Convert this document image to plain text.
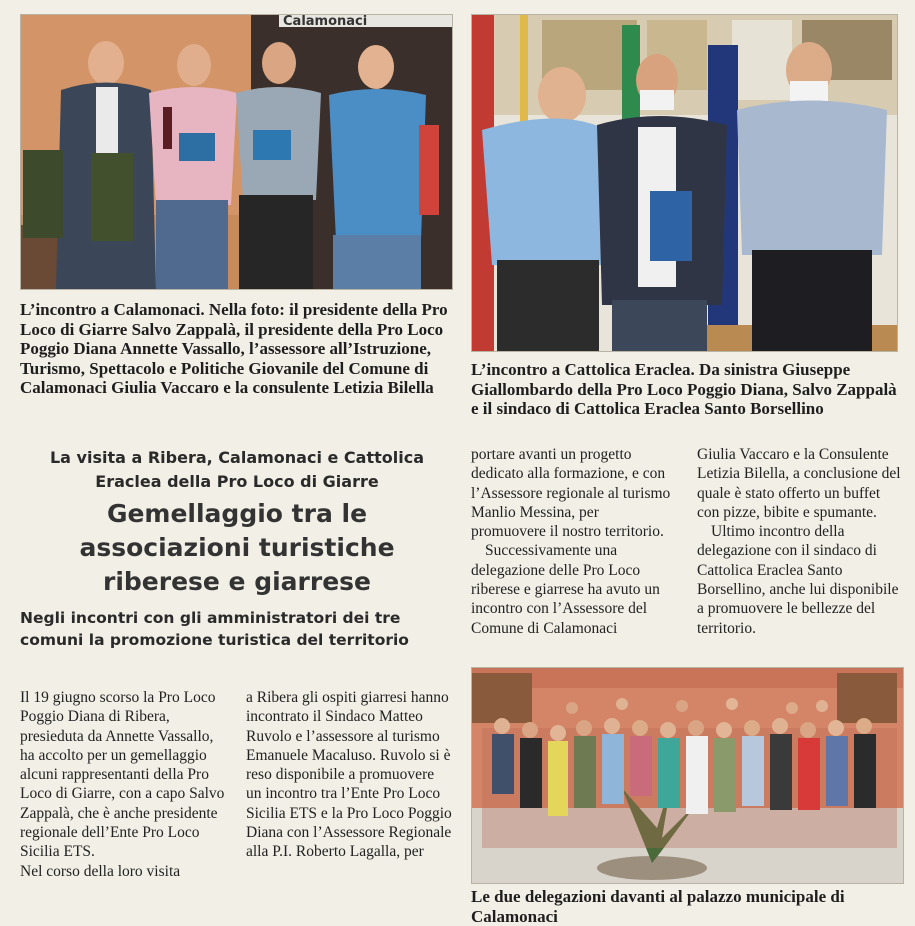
Calamonaci

L’incontro a Calamonaci. Nella foto: il presidente della Pro Loco di Giarre Salvo Zappalà, il presidente della Pro Loco Poggio Diana Annette Vassallo, l’assessore all’Istruzione, Turismo, Spettacolo e Politiche Giovanile del Comune di Calamonaci Giulia Vaccaro e la consulente Letizia Bilella

L’incontro a Cattolica Eraclea. Da sinistra Giuseppe Giallombardo della Pro Loco Poggio Diana, Salvo Zappalà e il sindaco di Cattolica Eraclea Santo Borsellino

La visita a Ribera, Calamonaci e Cattolica Eraclea della Pro Loco di Giarre

Gemellaggio tra le associazioni turistiche riberese e giarrese

Negli incontri con gli amministratori dei tre comuni la promozione turistica del territorio

Il 19 giugno scorso la Pro Loco Poggio Diana di Ribera, presieduta da Annette Vassallo, ha accolto per un gemellaggio alcuni rappresentanti della Pro Loco di Giarre, con a capo Salvo Zappalà, che è anche presidente regionale dell’Ente Pro Loco Sicilia ETS.

Nel corso della loro visita

a Ribera gli ospiti giarresi hanno incontrato il Sindaco Matteo Ruvolo e l’assessore al turismo Emanuele Macaluso. Ruvolo si è reso disponibile a promuovere un incontro tra l’Ente Pro Loco Sicilia ETS e la Pro Loco Poggio Diana con l’Assessore Regionale alla P.I. Roberto Lagalla, per

portare avanti un progetto dedicato alla formazione, e con l’Assessore regionale al turismo Manlio Messina, per promuovere il nostro territorio.

Successivamente una delegazione delle Pro Loco riberese e giarrese ha avuto un incontro con l’Assessore del Comune di Calamonaci

Giulia Vaccaro e la Consulente Letizia Bilella, a conclusione del quale è stato offerto un buffet con pizze, bibite e spumante.

Ultimo incontro della delegazione con il sindaco di Cattolica Eraclea Santo Borsellino, anche lui disponibile a promuovere le bellezze del territorio.

Le due delegazioni davanti al palazzo municipale di Calamonaci
